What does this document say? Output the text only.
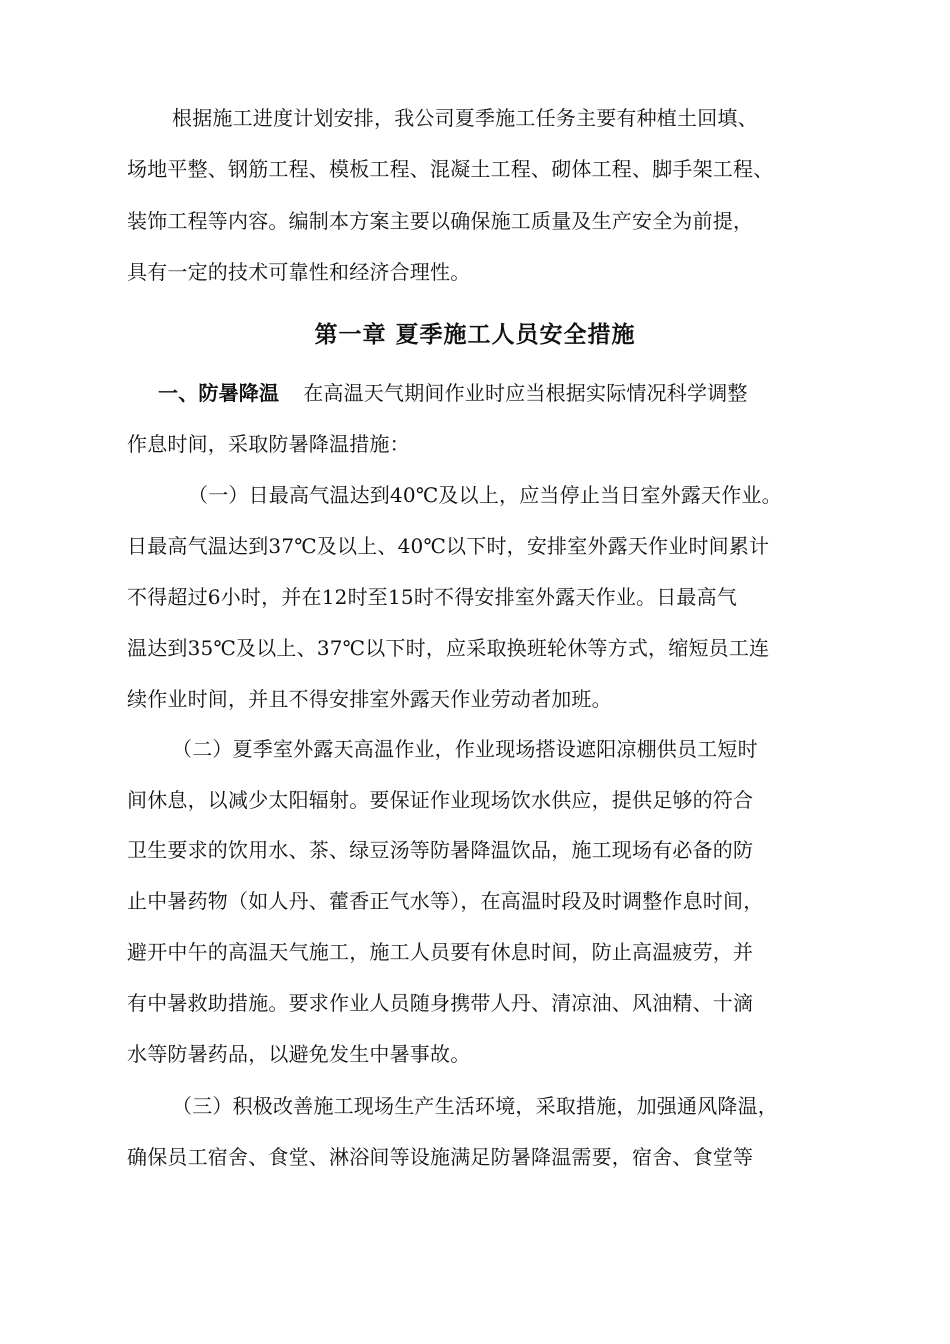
根据施工进度计划安排，我公司夏季施工任务主要有种植土回填、
场地平整、钢筋工程、模板工程、混凝土工程、砌体工程、脚手架工程、
装饰工程等内容。编制本方案主要以确保施工质量及生产安全为前提，
具有一定的技术可靠性和经济合理性。
第一章 夏季施工人员安全措施
一、防暑降温 在高温天气期间作业时应当根据实际情况科学调整
作息时间，采取防暑降温措施：
（一）日最高气温达到40℃及以上，应当停止当日室外露天作业。
日最高气温达到37℃及以上、40℃以下时，安排室外露天作业时间累计
不得超过6小时，并在12时至15时不得安排室外露天作业。日最高气
温达到35℃及以上、37℃以下时，应采取换班轮休等方式，缩短员工连
续作业时间，并且不得安排室外露天作业劳动者加班。
（二）夏季室外露天高温作业，作业现场搭设遮阳凉棚供员工短时
间休息，以减少太阳辐射。要保证作业现场饮水供应，提供足够的符合
卫生要求的饮用水、茶、绿豆汤等防暑降温饮品，施工现场有必备的防
止中暑药物（如人丹、藿香正气水等），在高温时段及时调整作息时间，
避开中午的高温天气施工，施工人员要有休息时间，防止高温疲劳，并
有中暑救助措施。要求作业人员随身携带人丹、清凉油、风油精、十滴
水等防暑药品，以避免发生中暑事故。
（三）积极改善施工现场生产生活环境，采取措施，加强通风降温，
确保员工宿舍、食堂、淋浴间等设施满足防暑降温需要，宿舍、食堂等
